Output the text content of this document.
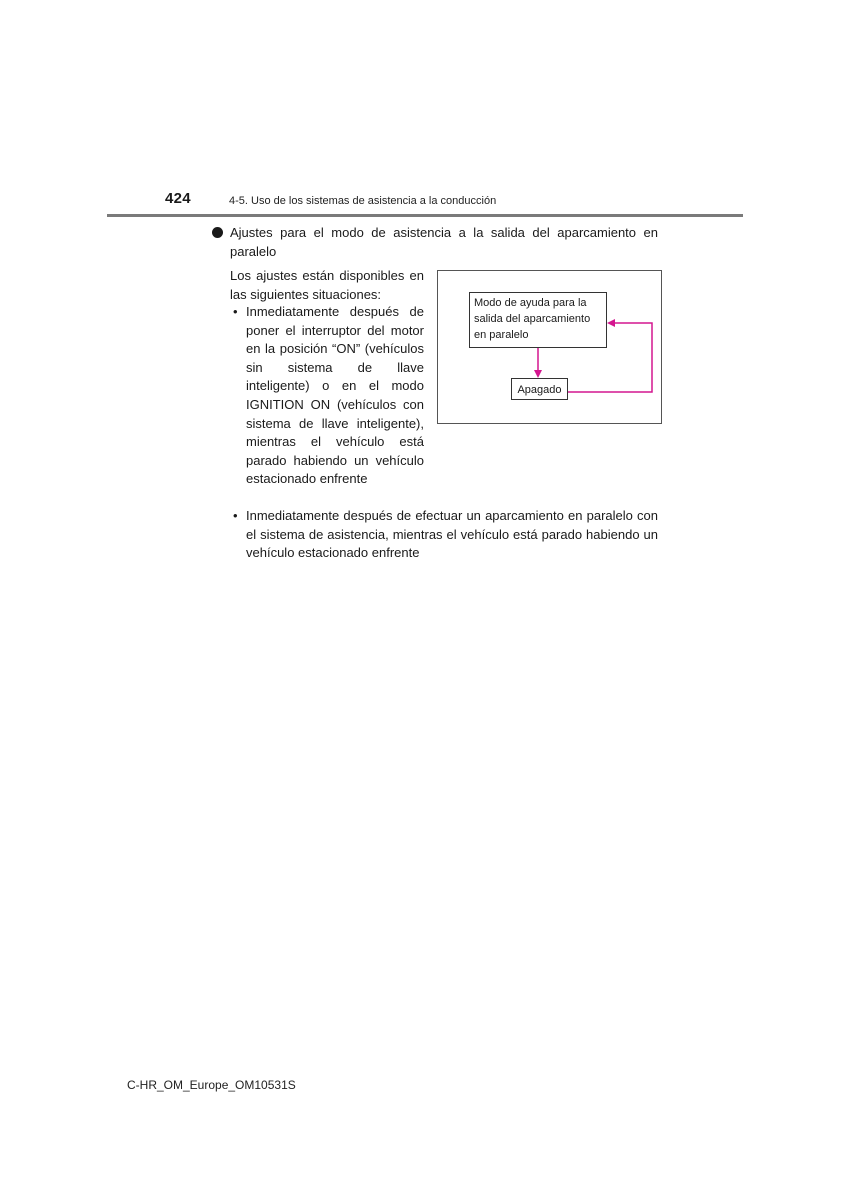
424	4-5. Uso de los sistemas de asistencia a la conducción
Ajustes para el modo de asistencia a la salida del aparcamiento en paralelo
Los ajustes están disponibles en las siguientes situaciones:
• Inmediatamente después de poner el interruptor del motor en la posición “ON” (vehículos sin sistema de llave inteligente) o en el modo IGNITION ON (vehículos con sistema de llave inteligente), mientras el vehículo está parado habiendo un vehículo estacionado enfrente
• Inmediatamente después de efectuar un aparcamiento en paralelo con el sistema de asistencia, mientras el vehículo está parado habiendo un vehículo estacionado enfrente
Modo de ayuda para la salida del aparcamiento en paralelo
Apagado
C-HR_OM_Europe_OM10531S
